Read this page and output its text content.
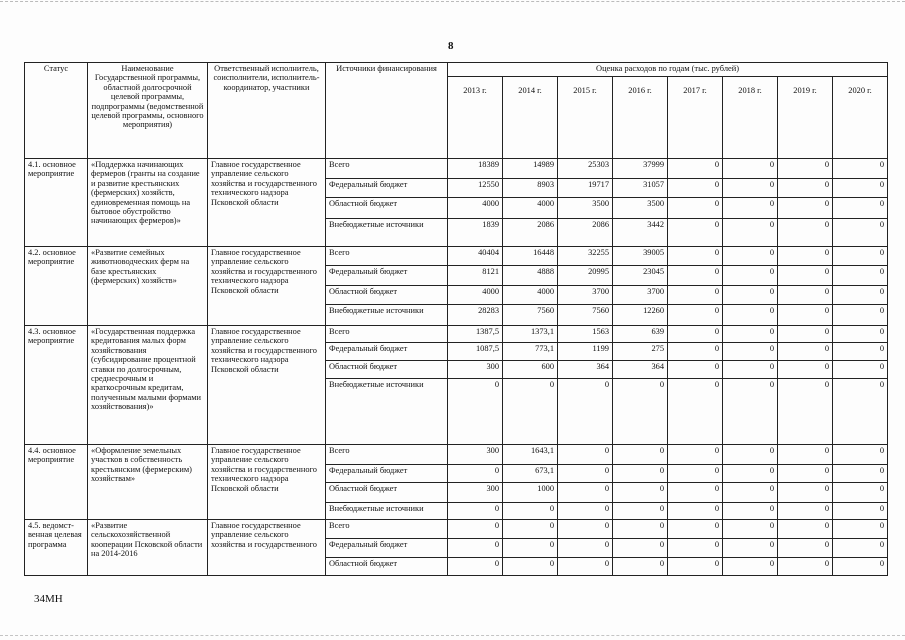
8
Статус	Наименование Государственной программы, областной долгосрочной целевой программы, подпрограммы (ведомственной целевой программы, основного мероприятия)	Ответственный исполнитель, соисполнители, исполнитель-координатор, участники	Источники финансирования	Оценка расходов по годам (тыс. рублей)							
				2013 г.	2014 г.	2015 г.	2016 г.	2017 г.	2018 г.	2019 г.	2020 г.
4.1. основное мероприятие	«Поддержка начинающих фермеров (гранты на создание и развитие крестьянских (фермерских) хозяйств, единовременная помощь на бытовое обустройство начинающих фермеров)»	Главное государственное управление сельского хозяйства и государственного технического надзора Псковской области	Всего	18389	14989	25303	37999	0	0	0	0
			Федеральный бюджет	12550	8903	19717	31057	0	0	0	0
			Областной бюджет	4000	4000	3500	3500	0	0	0	0
			Внебюджетные источники	1839	2086	2086	3442	0	0	0	0
4.2. основное мероприятие	«Развитие семейных животноводческих ферм на базе крестьянских (фермерских) хозяйств»	Главное государственное управление сельского хозяйства и государственного технического надзора Псковской области	Всего	40404	16448	32255	39005	0	0	0	0
			Федеральный бюджет	8121	4888	20995	23045	0	0	0	0
			Областной бюджет	4000	4000	3700	3700	0	0	0	0
			Внебюджетные источники	28283	7560	7560	12260	0	0	0	0
4.3. основное мероприятие	«Государственная поддержка кредитования малых форм хозяйствования (субсидирование процентной ставки по долгосрочным, среднесрочным и краткосрочным кредитам, полученным малыми формами хозяйствования)»	Главное государственное управление сельского хозяйства и государственного технического надзора Псковской области	Всего	1387,5	1373,1	1563	639	0	0	0	0
			Федеральный бюджет	1087,5	773,1	1199	275	0	0	0	0
			Областной бюджет	300	600	364	364	0	0	0	0
			Внебюджетные источники	0	0	0	0	0	0	0	0
4.4. основное мероприятие	«Оформление земельных участков в собственность крестьянским (фермерским) хозяйствам»	Главное государственное управление сельского хозяйства и государственного технического надзора Псковской области	Всего	300	1643,1	0	0	0	0	0	0
			Федеральный бюджет	0	673,1	0	0	0	0	0	0
			Областной бюджет	300	1000	0	0	0	0	0	0
			Внебюджетные источники	0	0	0	0	0	0	0	0
4.5. ведомст-венная целевая программа	«Развитие сельскохозяйственной кооперации Псковской области на 2014-2016	Главное государственное управление сельского хозяйства и государственного	Всего	0	0	0	0	0	0	0	0
			Федеральный бюджет	0	0	0	0	0	0	0	0
			Областной бюджет	0	0	0	0	0	0	0	0
34МН
